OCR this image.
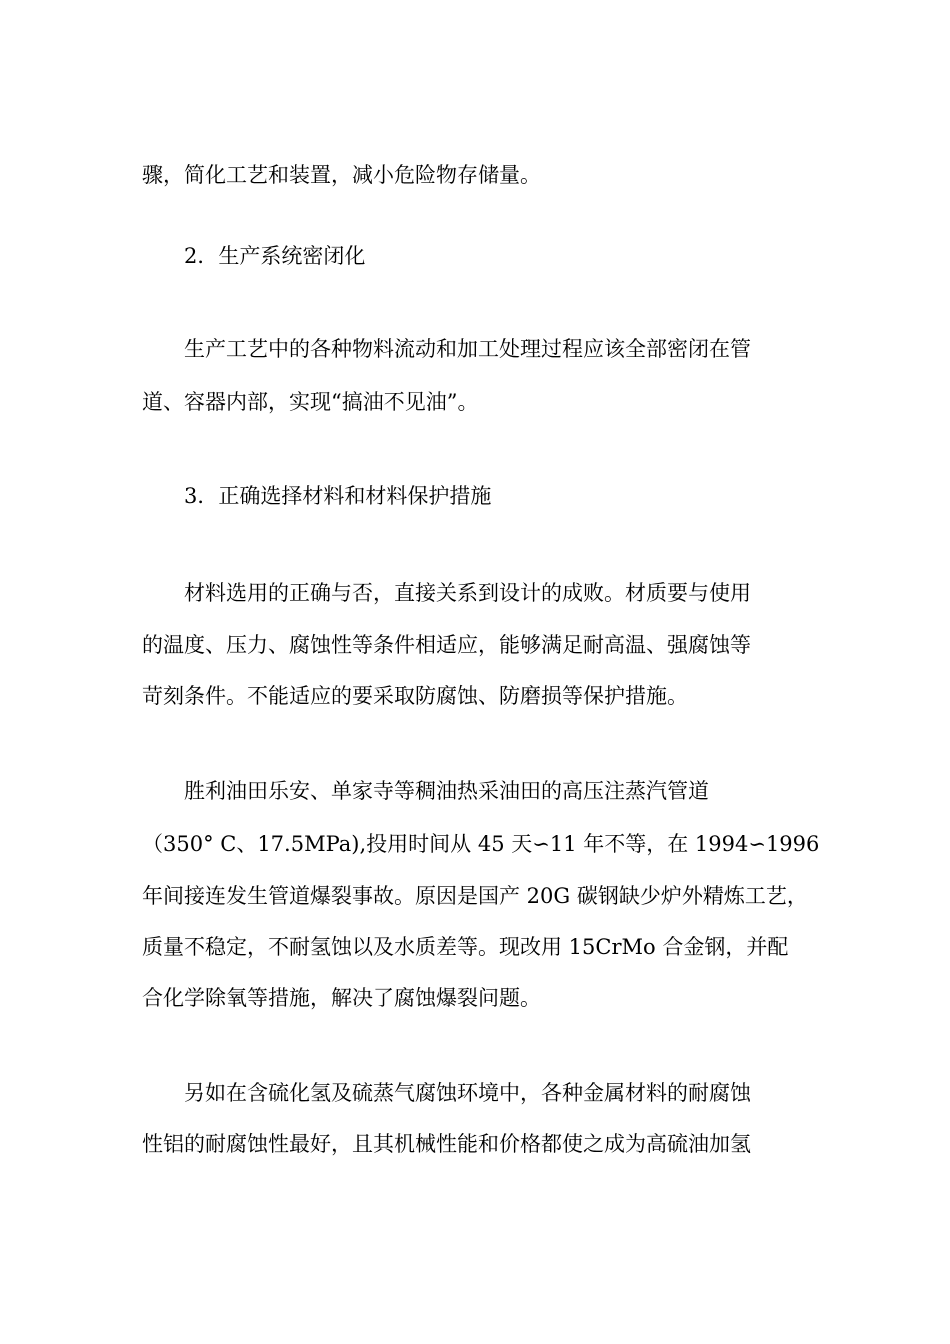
骤，简化工艺和装置，减小危险物存储量。
2．生产系统密闭化
生产工艺中的各种物料流动和加工处理过程应该全部密闭在管
道、容器内部，实现“搞油不见油”。
3．正确选择材料和材料保护措施
材料选用的正确与否，直接关系到设计的成败。材质要与使用
的温度、压力、腐蚀性等条件相适应，能够满足耐高温、强腐蚀等
苛刻条件。不能适应的要采取防腐蚀、防磨损等保护措施。
胜利油田乐安、单家寺等稠油热采油田的高压注蒸汽管道
（350° C、17.5MPa),投用时间从 45 天∽11 年不等，在 1994∽1996
年间接连发生管道爆裂事故。原因是国产 20G 碳钢缺少炉外精炼工艺，
质量不稳定，不耐氢蚀以及水质差等。现改用 15CrMo 合金钢，并配
合化学除氧等措施，解决了腐蚀爆裂问题。
另如在含硫化氢及硫蒸气腐蚀环境中，各种金属材料的耐腐蚀
性铝的耐腐蚀性最好，且其机械性能和价格都使之成为高硫油加氢
